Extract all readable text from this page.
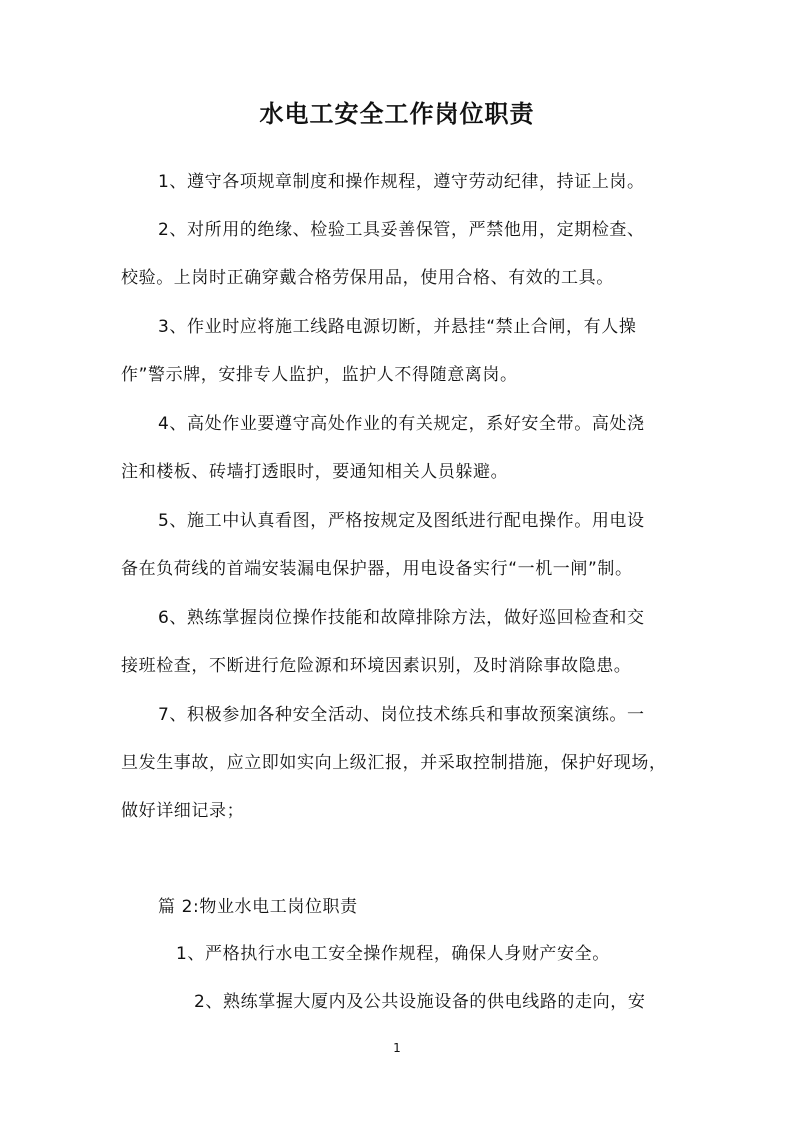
水电工安全工作岗位职责
1、遵守各项规章制度和操作规程，遵守劳动纪律，持证上岗。
2、对所用的绝缘、检验工具妥善保管，严禁他用，定期检查、
校验。上岗时正确穿戴合格劳保用品，使用合格、有效的工具。
3、作业时应将施工线路电源切断，并悬挂“禁止合闸，有人操
作”警示牌，安排专人监护，监护人不得随意离岗。
4、高处作业要遵守高处作业的有关规定，系好安全带。高处浇
注和楼板、砖墙打透眼时，要通知相关人员躲避。
5、施工中认真看图，严格按规定及图纸进行配电操作。用电设
备在负荷线的首端安装漏电保护器，用电设备实行“一机一闸”制。
6、熟练掌握岗位操作技能和故障排除方法，做好巡回检查和交
接班检查，不断进行危险源和环境因素识别，及时消除事故隐患。
7、积极参加各种安全活动、岗位技术练兵和事故预案演练。一
旦发生事故，应立即如实向上级汇报，并采取控制措施，保护好现场，
做好详细记录；
篇 2:物业水电工岗位职责
1、严格执行水电工安全操作规程，确保人身财产安全。
2、熟练掌握大厦内及公共设施设备的供电线路的走向，安
1
